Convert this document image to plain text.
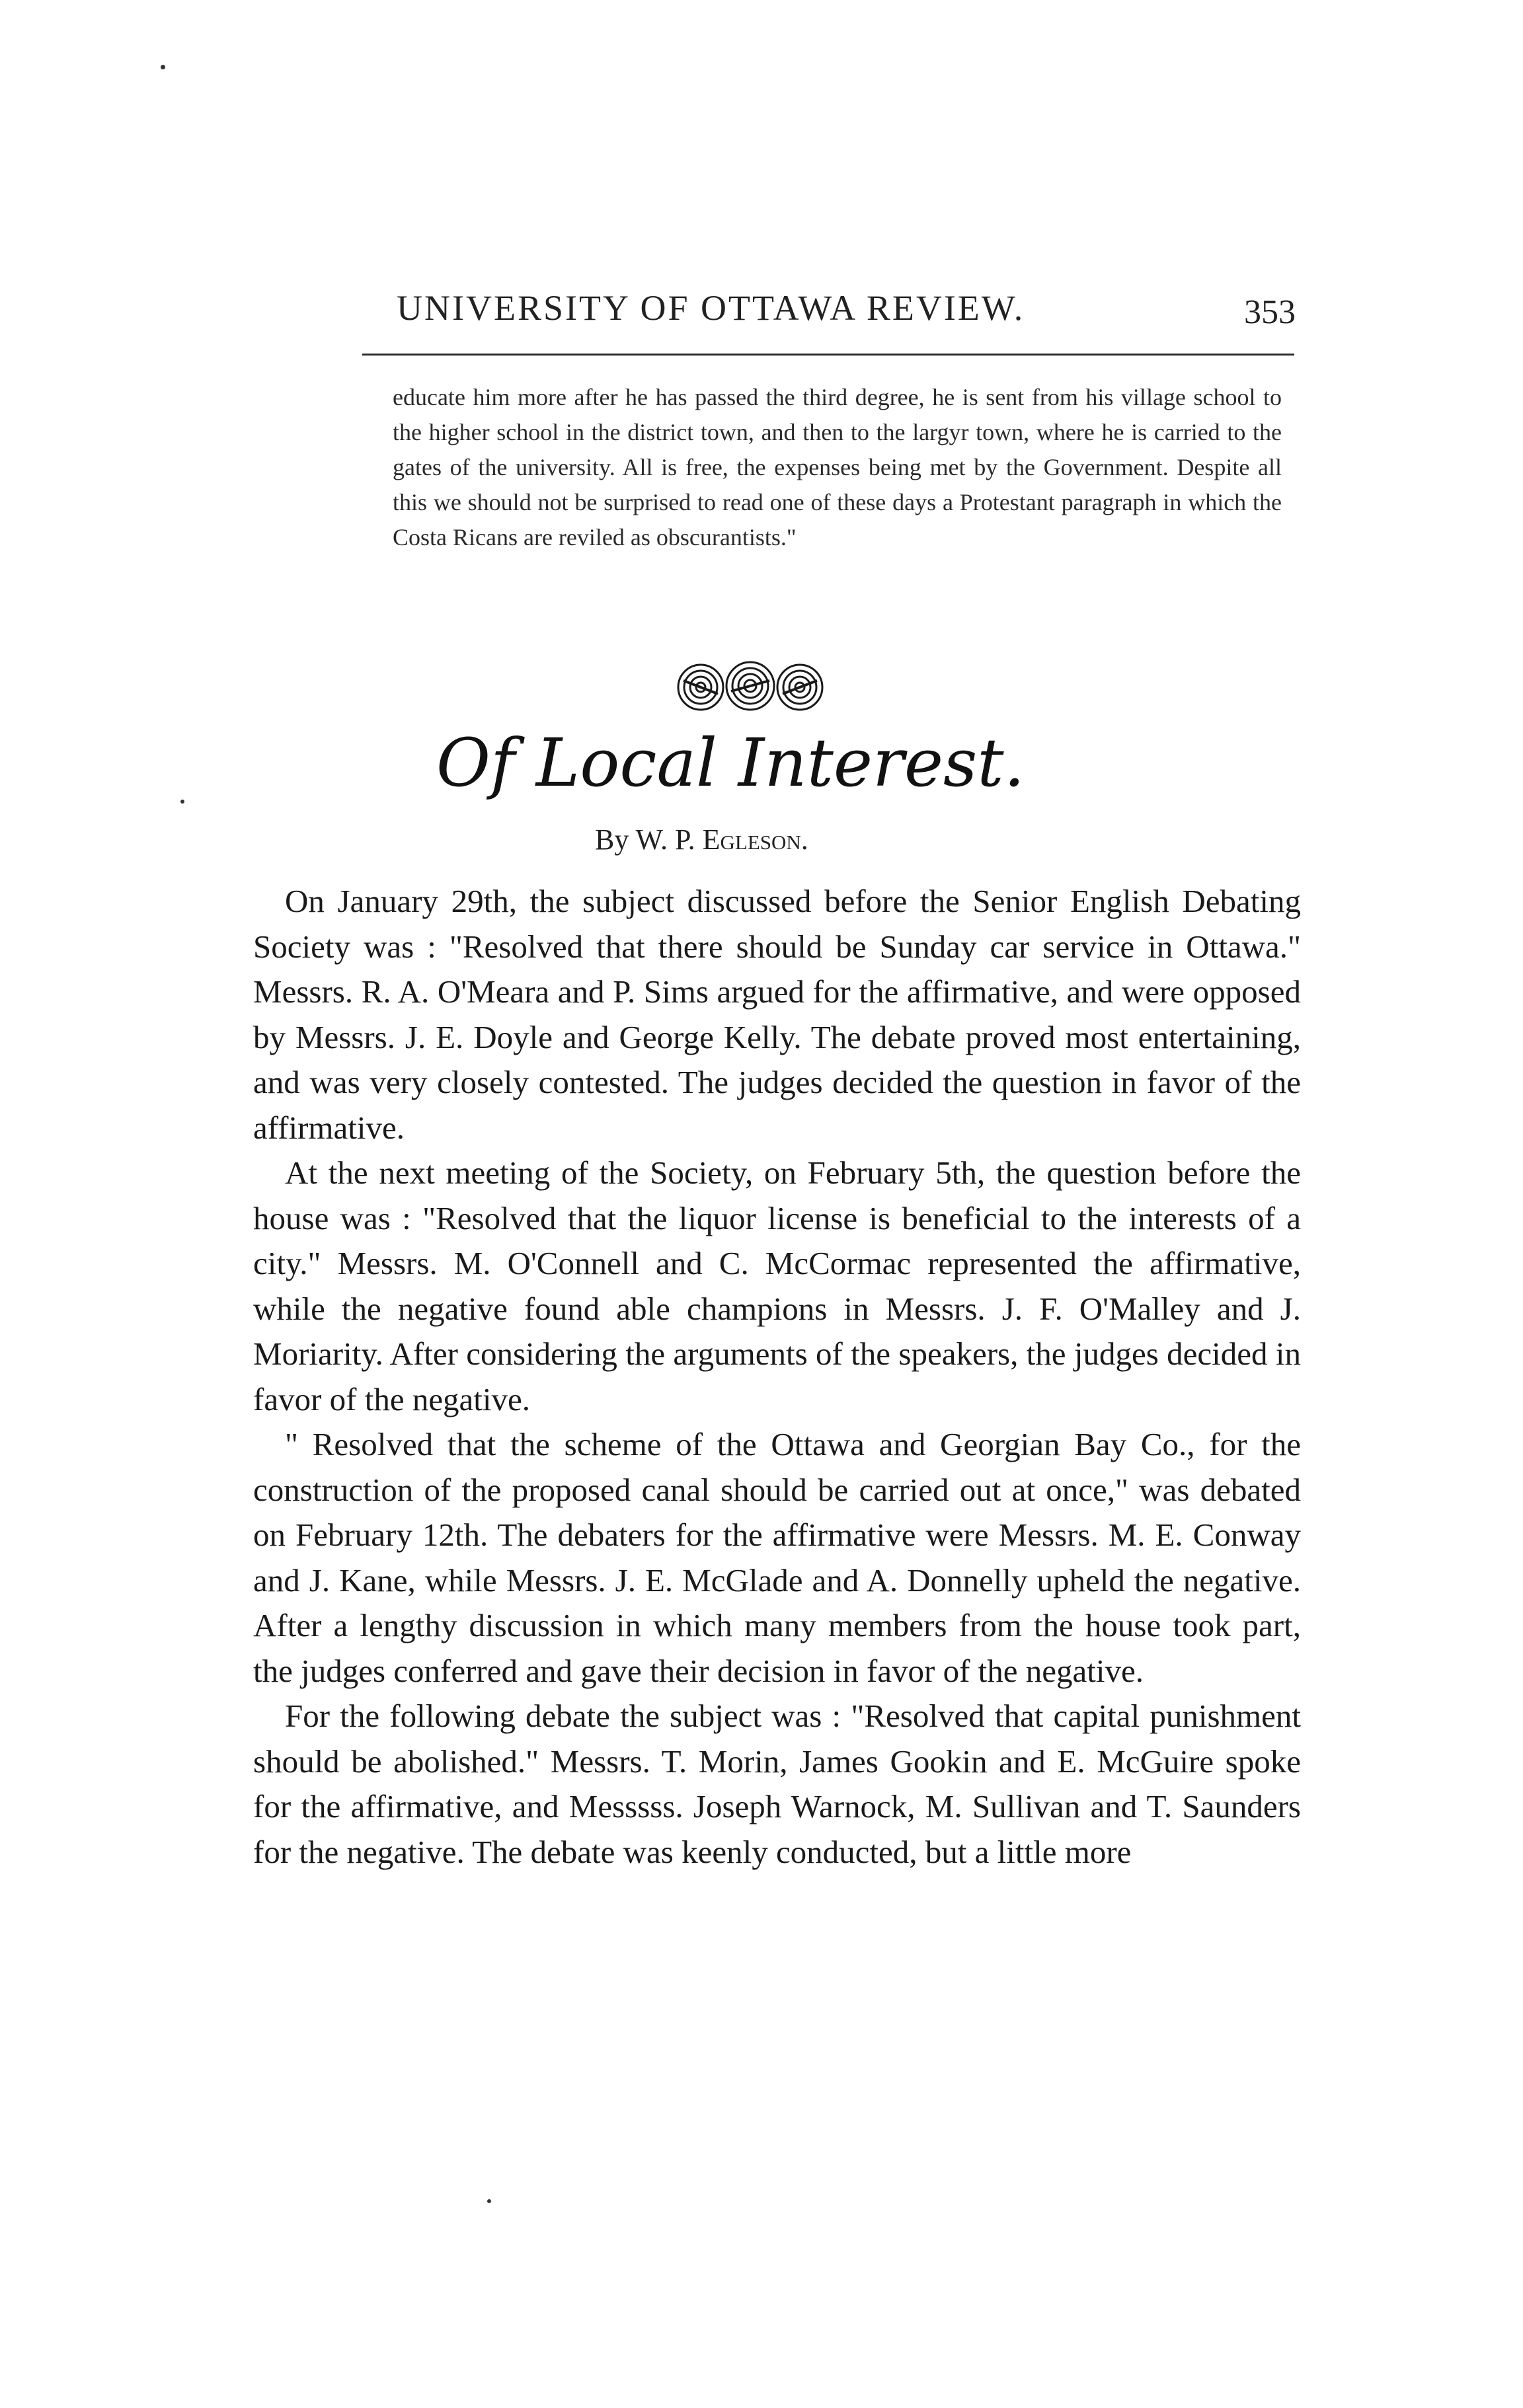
UNIVERSITY OF OTTAWA REVIEW.	353

educate him more after he has passed the third degree, he is sent from his village school to the higher school in the district town, and then to the largyr town, where he is carried to the gates of the university. All is free, the expenses being met by the Government. Despite all this we should not be surprised to read one of these days a Protestant paragraph in which the Costa Ricans are reviled as obscurantists."

Of Local Interest.
By W. P. Egleson.

On January 29th, the subject discussed before the Senior English Debating Society was : "Resolved that there should be Sunday car service in Ottawa." Messrs. R. A. O'Meara and P. Sims argued for the affirmative, and were opposed by Messrs. J. E. Doyle and George Kelly. The debate proved most entertaining, and was very closely contested. The judges decided the question in favor of the affirmative.

At the next meeting of the Society, on February 5th, the question before the house was : "Resolved that the liquor license is beneficial to the interests of a city." Messrs. M. O'Connell and C. McCormac represented the affirmative, while the negative found able champions in Messrs. J. F. O'Malley and J. Moriarity. After considering the arguments of the speakers, the judges decided in favor of the negative.

" Resolved that the scheme of the Ottawa and Georgian Bay Co., for the construction of the proposed canal should be carried out at once," was debated on February 12th. The debaters for the affirmative were Messrs. M. E. Conway and J. Kane, while Messrs. J. E. McGlade and A. Donnelly upheld the negative. After a lengthy discussion in which many members from the house took part, the judges conferred and gave their decision in favor of the negative.

For the following debate the subject was : "Resolved that capital punishment should be abolished." Messrs. T. Morin, James Gookin and E. McGuire spoke for the affirmative, and Messsss. Joseph Warnock, M. Sullivan and T. Saunders for the negative. The debate was keenly conducted, but a little more
